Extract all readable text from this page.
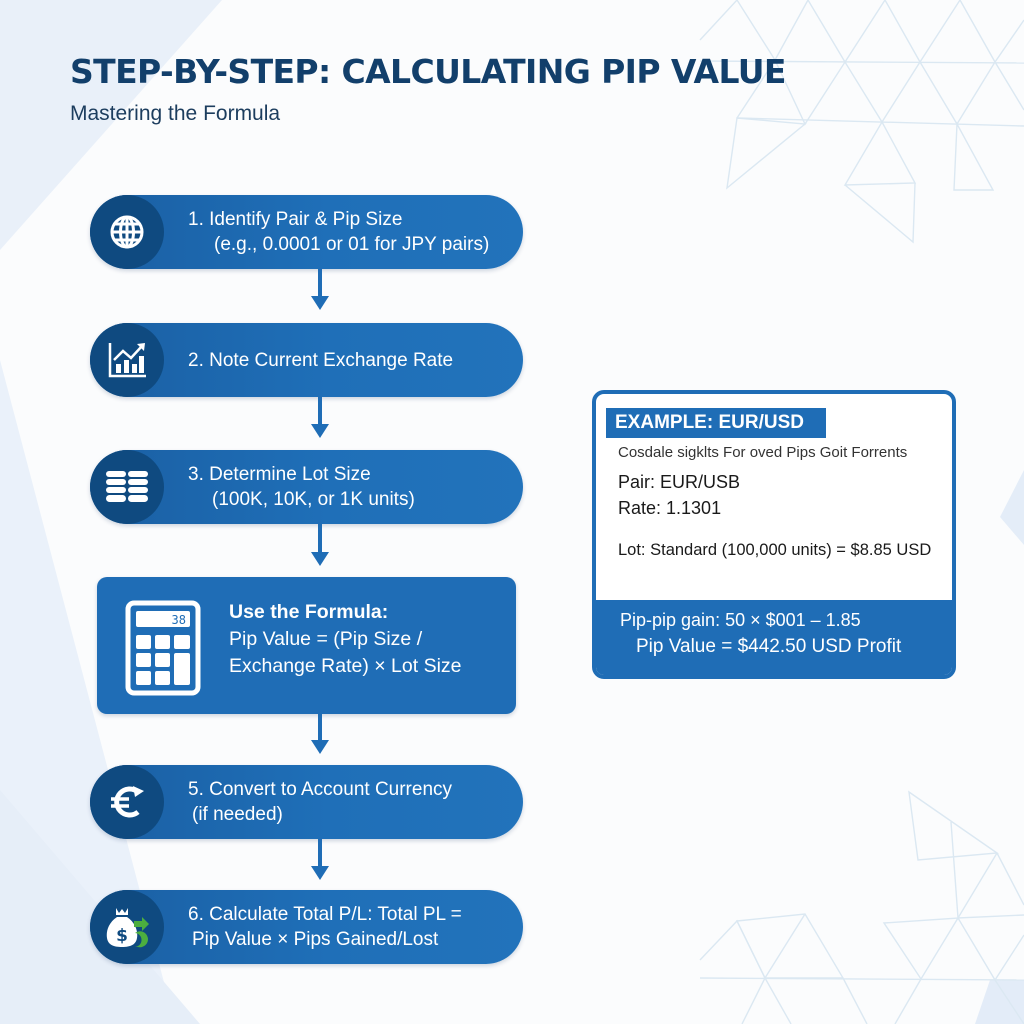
STEP-BY-STEP: CALCULATING PIP VALUE

Mastering the Formula

1. Identify Pair & Pip Size
(e.g., 0.0001 or 01 for JPY pairs)
2. Note Current Exchange Rate
3. Determine Lot Size
(100K, 10K, or 1K units)
38 Use the Formula:
Pip Value = (Pip Size /
Exchange Rate) × Lot Size
5. Convert to Account Currency
(if needed)
$
6. Calculate Total P/L: Total PL =
Pip Value × Pips Gained/Lost
EXAMPLE: EUR/USD
Cosdale sigklts For oved Pips Goit Forrents
Pair: EUR/USB
Rate: 1.1301
Lot: Standard (100,000 units) = $8.85 USD
Pip-pip gain: 50 × $001 – 1.85
Pip Value = $442.50 USD Profit
